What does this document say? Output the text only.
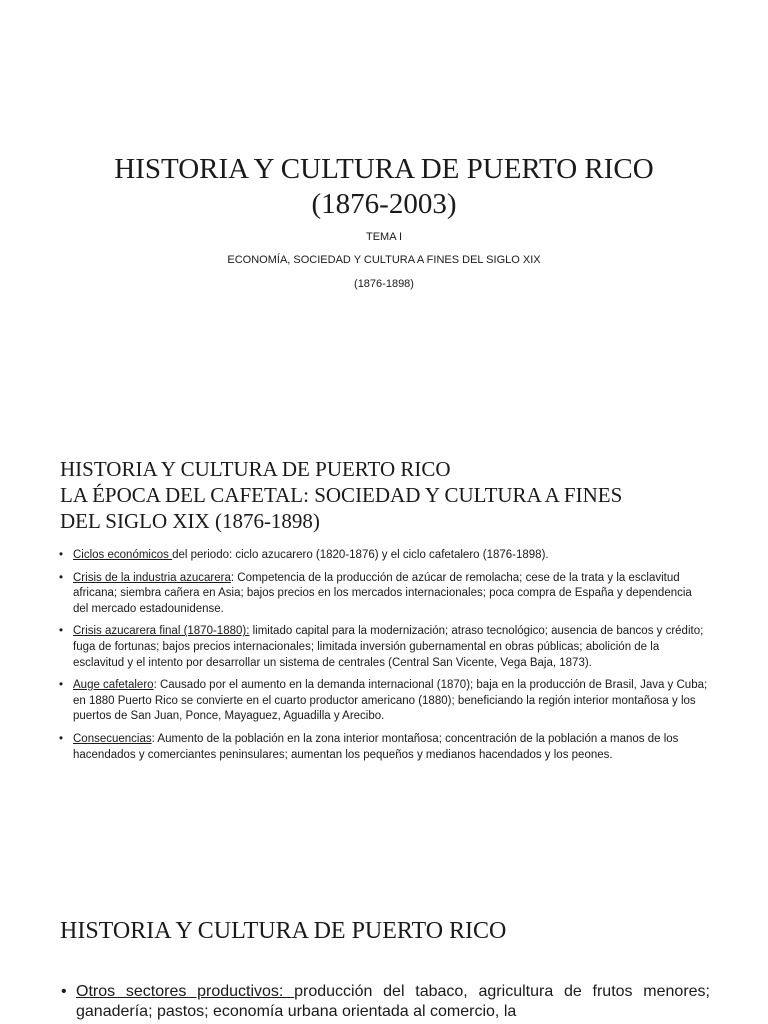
HISTORIA Y CULTURA DE PUERTO RICO
(1876-2003)
TEMA I
ECONOMÍA, SOCIEDAD Y CULTURA A FINES DEL SIGLO XIX
(1876-1898)
HISTORIA Y CULTURA DE PUERTO RICO
LA ÉPOCA DEL CAFETAL: SOCIEDAD Y CULTURA A FINES
DEL SIGLO XIX (1876-1898)
• Ciclos económicos del periodo: ciclo azucarero (1820-1876) y el ciclo cafetalero (1876-1898).
• Crisis de la industria azucarera: Competencia de la producción de azúcar de remolacha; cese de la trata y la esclavitud africana; siembra cañera en Asia; bajos precios en los mercados internacionales; poca compra de España y dependencia del mercado estadounidense.
• Crisis azucarera final (1870-1880): limitado capital para la modernización; atraso tecnológico; ausencia de bancos y crédito; fuga de fortunas; bajos precios internacionales; limitada inversión gubernamental en obras públicas; abolición de la esclavitud y el intento por desarrollar un sistema de centrales (Central San Vicente, Vega Baja, 1873).
• Auge cafetalero: Causado por el aumento en la demanda internacional (1870); baja en la producción de Brasil, Java y Cuba; en 1880 Puerto Rico se convierte en el cuarto productor americano (1880); beneficiando la región interior montañosa y los puertos de San Juan, Ponce, Mayaguez, Aguadilla y Arecibo.
• Consecuencias: Aumento de la población en la zona interior montañosa; concentración de la población a manos de los hacendados y comerciantes peninsulares; aumentan los pequeños y medianos hacendados y los peones.
HISTORIA Y CULTURA DE PUERTO RICO
• Otros sectores productivos: producción del tabaco, agricultura de frutos menores; ganadería; pastos; economía urbana orientada al comercio, la
